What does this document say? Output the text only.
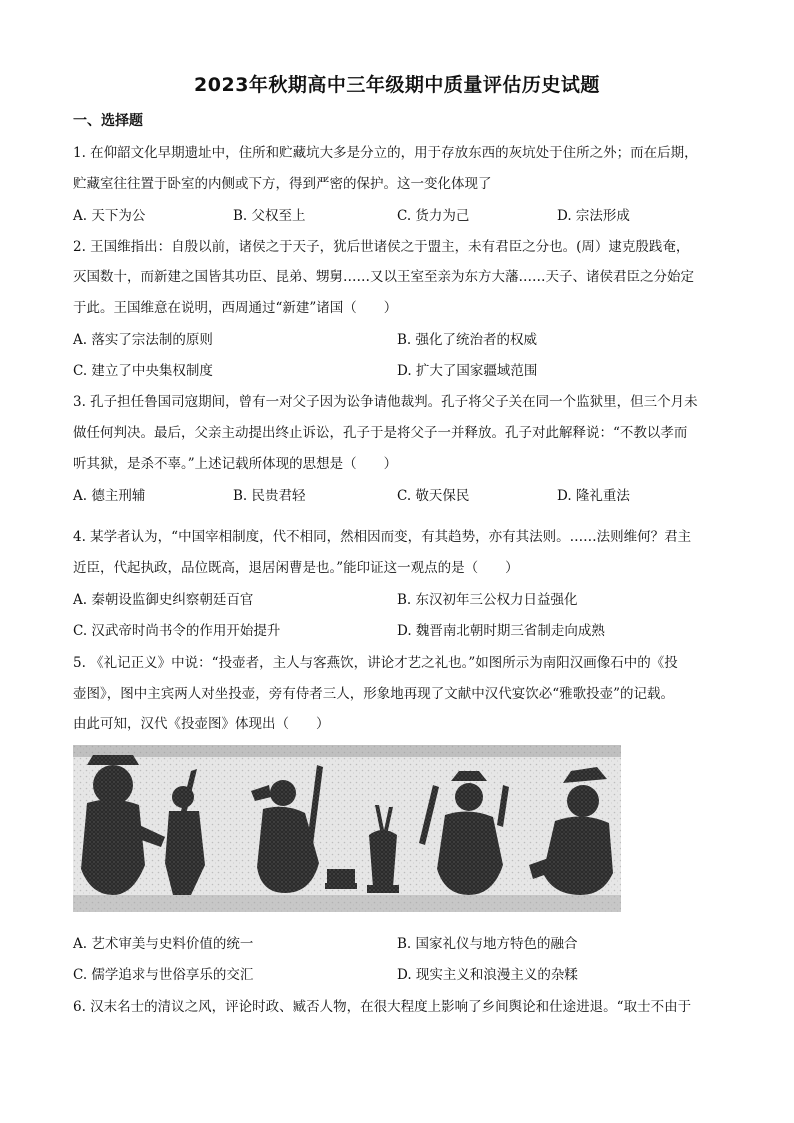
2023年秋期高中三年级期中质量评估历史试题
一、选择题
1. 在仰韶文化早期遗址中，住所和贮藏坑大多是分立的，用于存放东西的灰坑处于住所之外；而在后期，
贮藏室往往置于卧室的内侧或下方，得到严密的保护。这一变化体现了
A. 天下为公	B. 父权至上	C. 货力为己	D. 宗法形成
2. 王国维指出：自殷以前，诸侯之于天子，犹后世诸侯之于盟主，未有君臣之分也。(周）逮克殷践奄，
灭国数十，而新建之国皆其功臣、昆弟、甥舅……又以王室至亲为东方大藩……天子、诸侯君臣之分始定
于此。王国维意在说明，西周通过“新建”诸国（　　）
A. 落实了宗法制的原则	B. 强化了统治者的权威
C. 建立了中央集权制度	D. 扩大了国家疆域范围
3. 孔子担任鲁国司寇期间，曾有一对父子因为讼争请他裁判。孔子将父子关在同一个监狱里，但三个月未
做任何判决。最后，父亲主动提出终止诉讼，孔子于是将父子一并释放。孔子对此解释说：“不教以孝而
听其狱，是杀不辜。”上述记载所体现的思想是（　　）
A. 德主刑辅	B. 民贵君轻	C. 敬天保民	D. 隆礼重法
4. 某学者认为，“中国宰相制度，代不相同，然相因而变，有其趋势，亦有其法则。……法则维何？君主
近臣，代起执政，品位既高，退居闲曹是也。”能印证这一观点的是（　　）
A. 秦朝设监御史纠察朝廷百官	B. 东汉初年三公权力日益强化
C. 汉武帝时尚书令的作用开始提升	D. 魏晋南北朝时期三省制走向成熟
5. 《礼记正义》中说：“投壶者，主人与客燕饮，讲论才艺之礼也。”如图所示为南阳汉画像石中的《投
壶图》，图中主宾两人对坐投壶，旁有侍者三人，形象地再现了文献中汉代宴饮必“雅歌投壶”的记载。
由此可知，汉代《投壶图》体现出（　　）
A. 艺术审美与史料价值的统一	B. 国家礼仪与地方特色的融合
C. 儒学追求与世俗享乐的交汇	D. 现实主义和浪漫主义的杂糅
6. 汉末名士的清议之风，评论时政、臧否人物，在很大程度上影响了乡间舆论和仕途进退。“取士不由于
